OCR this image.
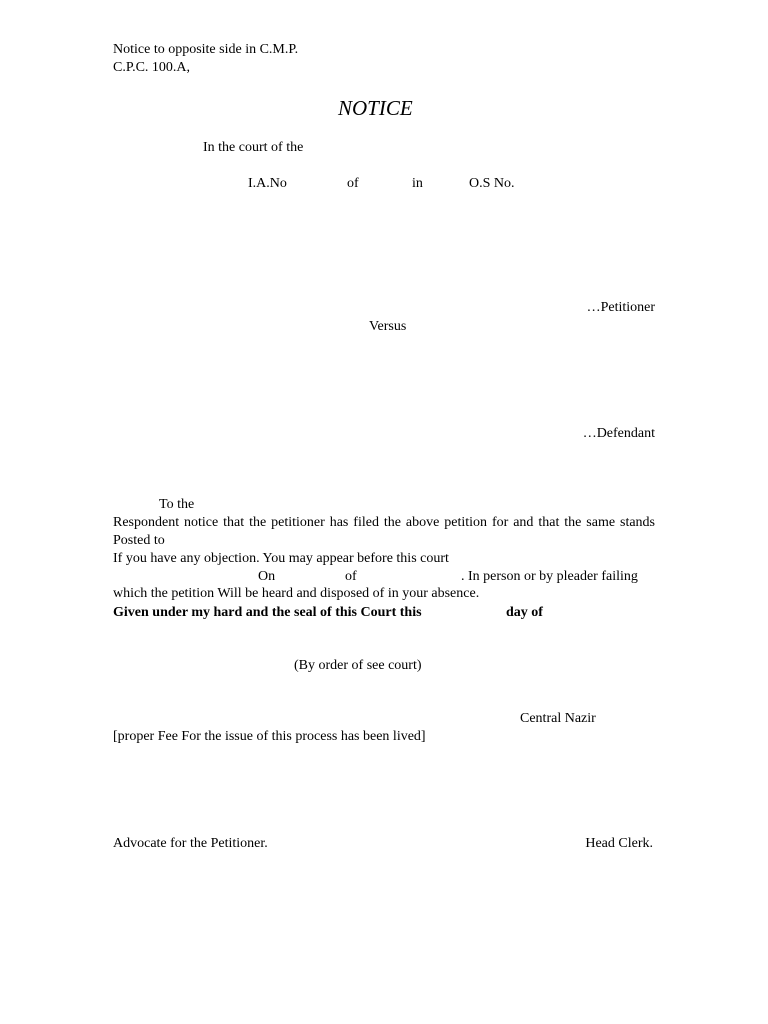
Notice to opposite side in C.M.P.
C.P.C. 100.A,
NOTICE
In the court of the
I.A.No	of	in	O.S No.
…Petitioner
Versus
…Defendant
To the
Respondent notice that the petitioner has filed the above petition for and that the same stands Posted to
If you have any objection. You may appear before this court
On	of	. In person or by pleader failing
which the petition Will be heard and disposed of in your absence.
Given under my hard and the seal of this Court this	day of
(By order of see court)
Central Nazir
[proper Fee For the issue of this process has been lived]
Advocate for the Petitioner.	Head Clerk.
